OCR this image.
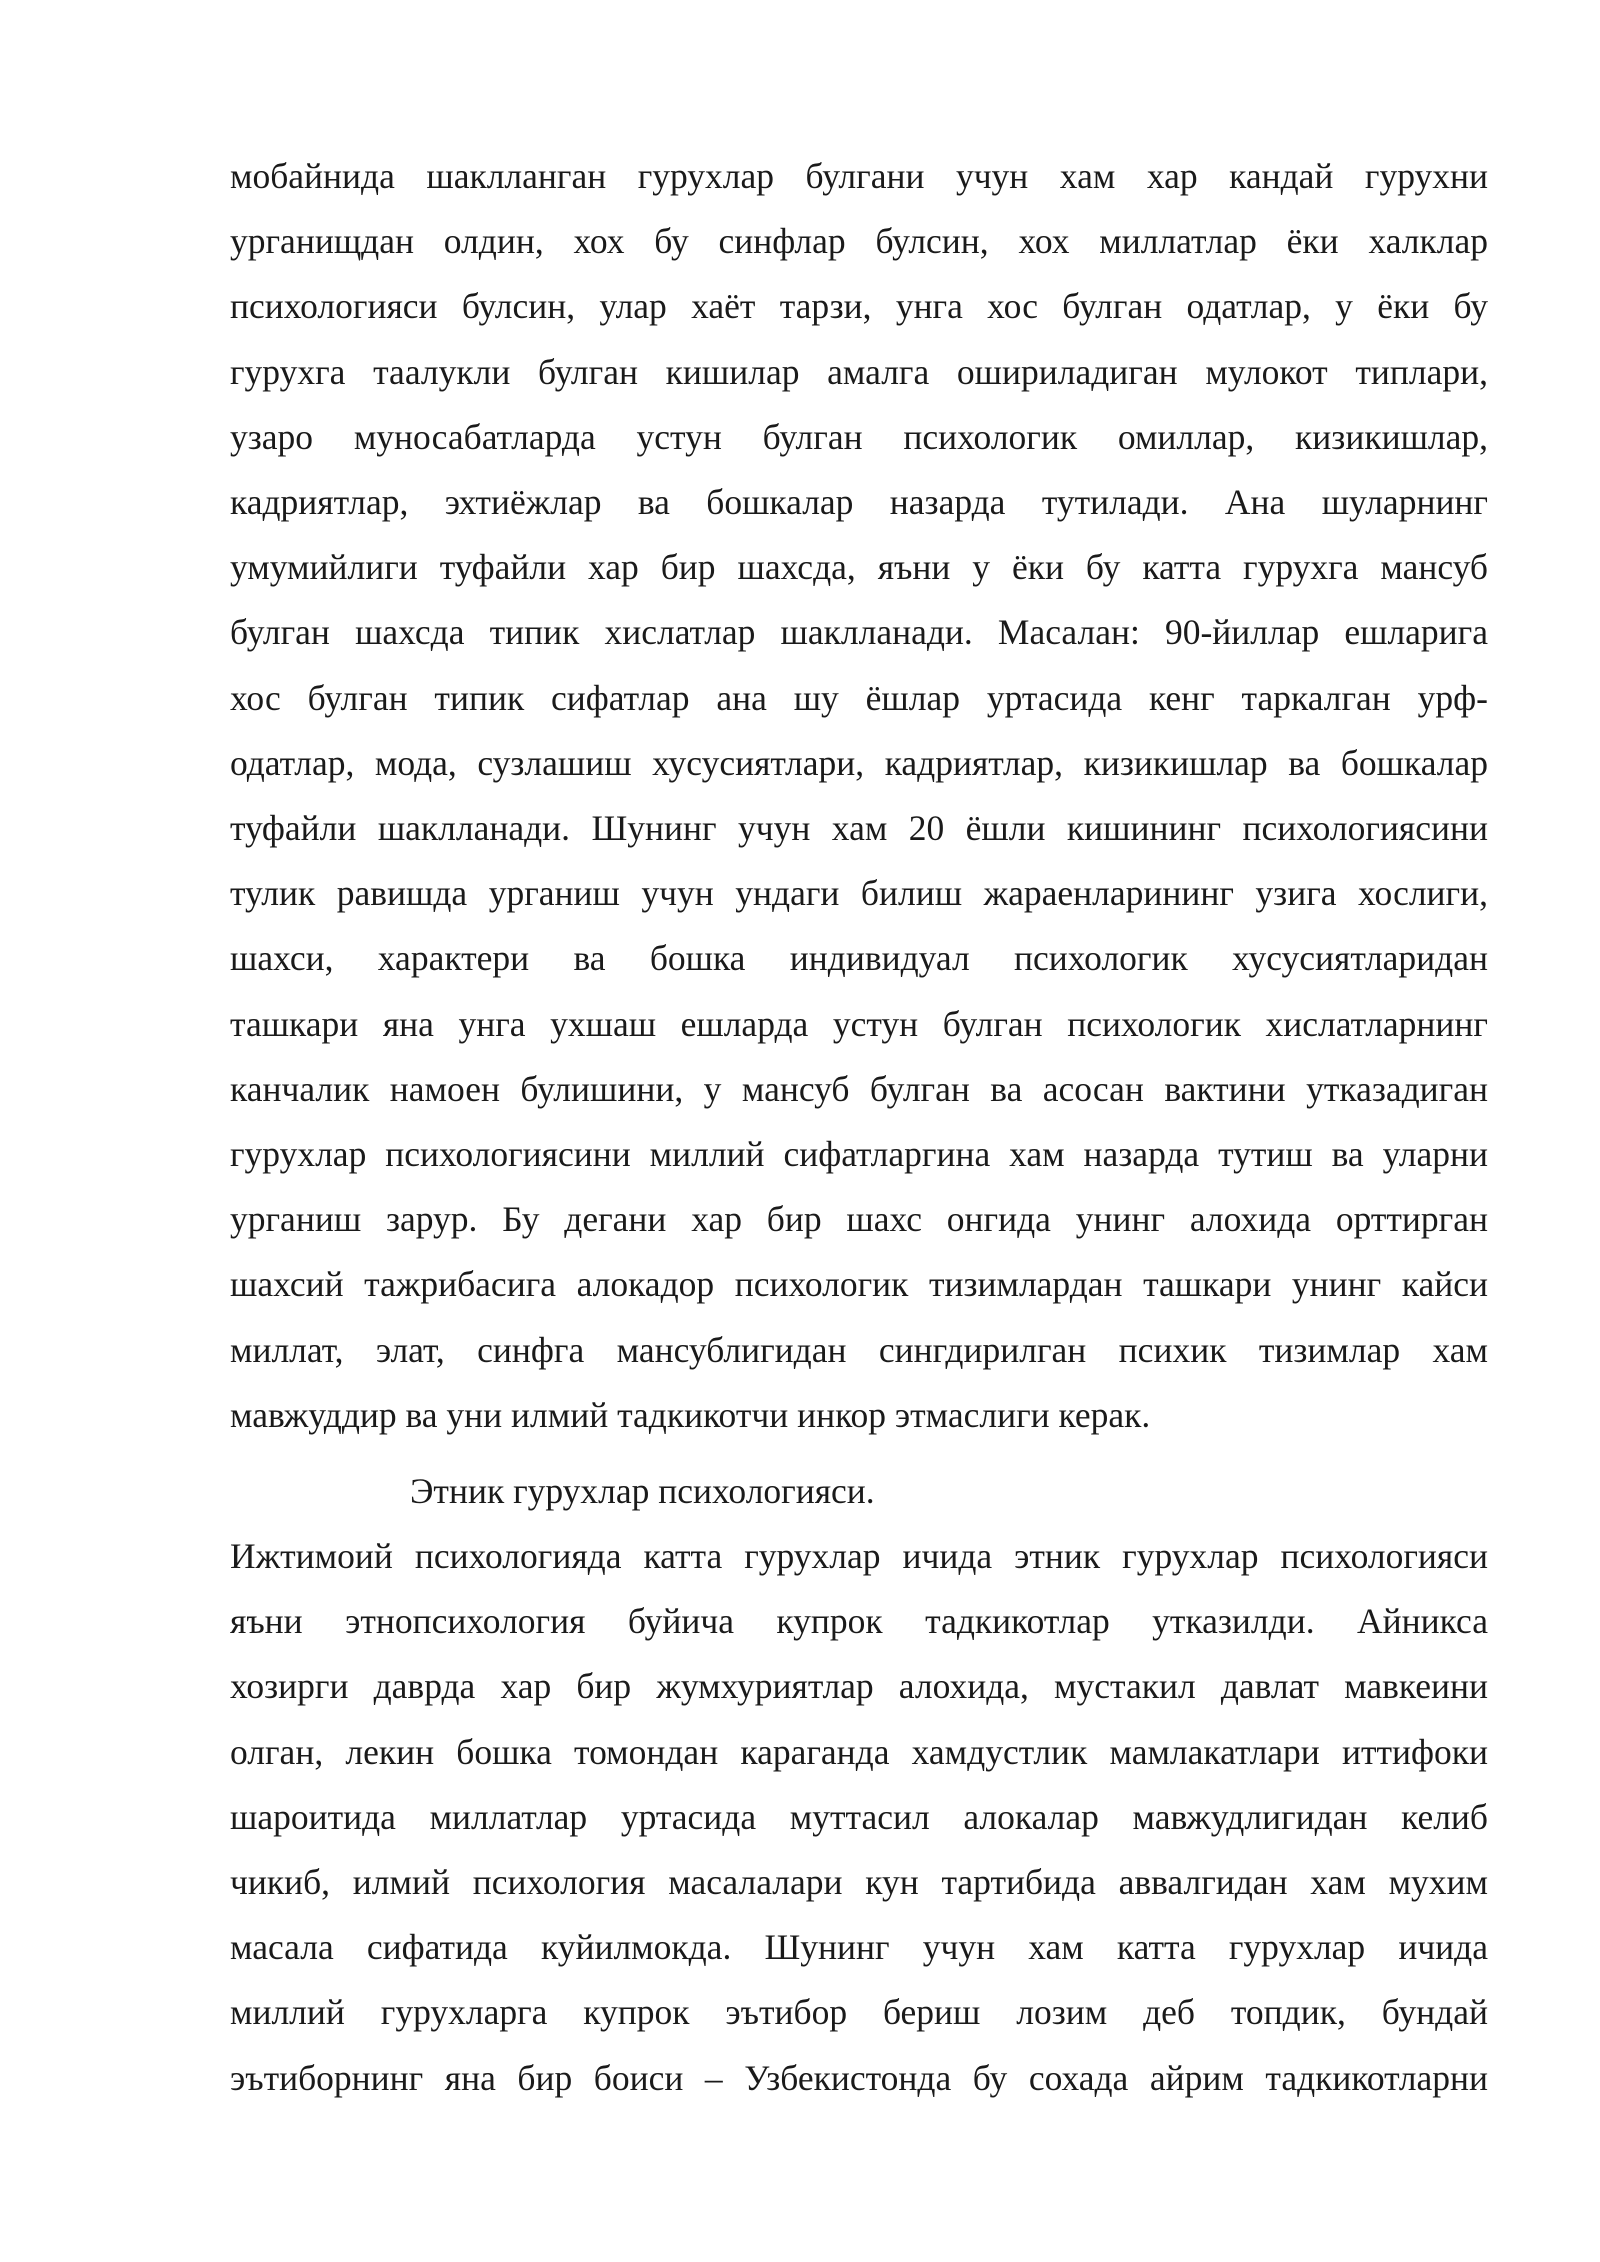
мобайнида шаклланган гурухлар булгани учун хам хар кандай гурухни
урганищдан олдин, хох бу синфлар булсин, хох миллатлар ёки халклар
психологияси булсин, улар хаёт тарзи, унга хос булган одатлар, у ёки бу
гурухга таалукли булган кишилар амалга ошириладиган мулокот типлари,
узаро муносабатларда устун булган психологик омиллар, кизикишлар,
кадриятлар, эхтиёжлар ва бошкалар назарда тутилади. Ана шуларнинг
умумийлиги туфайли хар бир шахсда, яъни у ёки бу катта гурухга мансуб
булган шахсда типик хислатлар шаклланади. Масалан: 90-йиллар ешларига
хос булган типик сифатлар ана шу ёшлар уртасида кенг таркалган урф-
одатлар, мода, сузлашиш хусусиятлари, кадриятлар, кизикишлар ва бошкалар
туфайли шаклланади. Шунинг учун хам 20 ёшли кишининг психологиясини
тулик равишда урганиш учун ундаги билиш жараенларининг узига хослиги,
шахси, характери ва бошка индивидуал психологик хусусиятларидан
ташкари яна унга ухшаш ешларда устун булган психологик хислатларнинг
канчалик намоен булишини, у мансуб булган ва асосан вактини утказадиган
гурухлар психологиясини миллий сифатларгина хам назарда тутиш ва уларни
урганиш зарур. Бу дегани хар бир шахс онгида унинг алохида орттирган
шахсий тажрибасига алокадор психологик тизимлардан ташкари унинг кайси
миллат, элат, синфга мансублигидан сингдирилган психик тизимлар хам
мавжуддир ва уни илмий тадкикотчи инкор этмаслиги керак.
Этник гурухлар психологияси.
Ижтимоий психологияда катта гурухлар ичида этник гурухлар психологияси
яъни этнопсихология буйича купрок тадкикотлар утказилди. Айникса
хозирги даврда хар бир жумхуриятлар алохида, мустакил давлат мавкеини
олган, лекин бошка томондан караганда хамдустлик мамлакатлари иттифоки
шароитида миллатлар уртасида муттасил алокалар мавжудлигидан келиб
чикиб, илмий психология масалалари кун тартибида аввалгидан хам мухим
масала сифатида куйилмокда. Шунинг учун хам катта гурухлар ичида
миллий гурухларга купрок эътибор бериш лозим деб топдик, бундай
эътиборнинг яна бир боиси – Узбекистонда бу сохада айрим тадкикотларни
